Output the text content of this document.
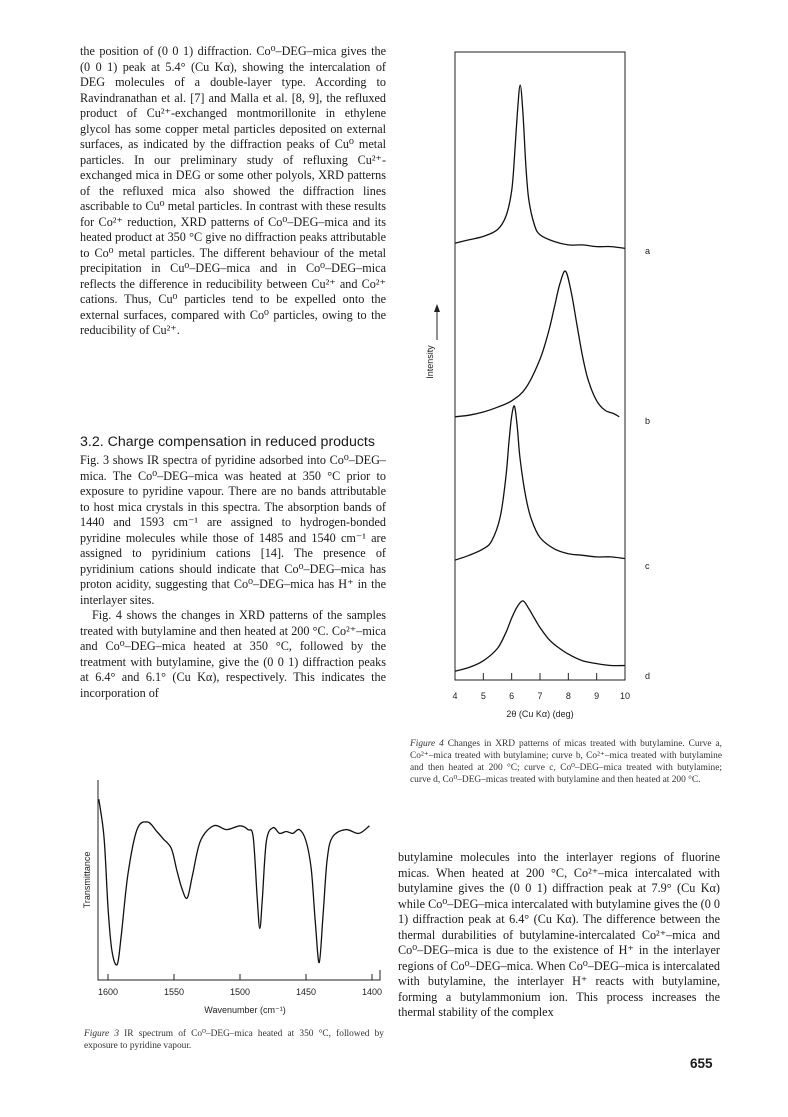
the position of (0 0 1) diffraction. Co⁰–DEG–mica gives the (0 0 1) peak at 5.4° (Cu Kα), showing the intercalation of DEG molecules of a double-layer type. According to Ravindranathan et al. [7] and Malla et al. [8, 9], the refluxed product of Cu²⁺-exchanged montmorillonite in ethylene glycol has some copper metal particles deposited on external surfaces, as indicated by the diffraction peaks of Cu⁰ metal particles. In our preliminary study of refluxing Cu²⁺-exchanged mica in DEG or some other polyols, XRD patterns of the refluxed mica also showed the diffraction lines ascribable to Cu⁰ metal particles. In contrast with these results for Co²⁺ reduction, XRD patterns of Co⁰–DEG–mica and its heated product at 350 °C give no diffraction peaks attributable to Co⁰ metal particles. The different behaviour of the metal precipitation in Cu⁰–DEG–mica and in Co⁰–DEG–mica reflects the difference in reducibility between Cu²⁺ and Co²⁺ cations. Thus, Cu⁰ particles tend to be expelled onto the external surfaces, compared with Co⁰ particles, owing to the reducibility of Cu²⁺.

3.2. Charge compensation in reduced products

Fig. 3 shows IR spectra of pyridine adsorbed into Co⁰–DEG–mica. The Co⁰–DEG–mica was heated at 350 °C prior to exposure to pyridine vapour. There are no bands attributable to host mica crystals in this spectra. The absorption bands of 1440 and 1593 cm⁻¹ are assigned to hydrogen-bonded pyridine molecules while those of 1485 and 1540 cm⁻¹ are assigned to pyridinium cations [14]. The presence of pyridinium cations should indicate that Co⁰–DEG–mica has proton acidity, suggesting that Co⁰–DEG–mica has H⁺ in the interlayer sites.

Fig. 4 shows the changes in XRD patterns of the samples treated with butylamine and then heated at 200 °C. Co²⁺–mica and Co⁰–DEG–mica heated at 350 °C, followed by the treatment with butylamine, give the (0 0 1) diffraction peaks at 6.4° and 6.1° (Cu Kα), respectively. This indicates the incorporation of

a
b
c
d
4	5	6	7	8	9 10
2θ (Cu Kα) (deg)
Intensity
1600	1550	1500	1450	1400
Wavenumber (cm⁻¹)
Transmittance
Figure 3 IR spectrum of Co⁰–DEG–mica heated at 350 °C, followed by exposure to pyridine vapour.
Figure 4 Changes in XRD patterns of micas treated with butylamine. Curve a, Co²⁺–mica treated with butylamine; curve b, Co²⁺–mica treated with butylamine and then heated at 200 °C; curve c, Co⁰–DEG–mica treated with butylamine; curve d, Co⁰–DEG–micas treated with butylamine and then heated at 200 °C.

butylamine molecules into the interlayer regions of fluorine micas. When heated at 200 °C, Co²⁺–mica intercalated with butylamine gives the (0 0 1) diffraction peak at 7.9° (Cu Kα) while Co⁰–DEG–mica intercalated with butylamine gives the (0 0 1) diffraction peak at 6.4° (Cu Kα). The difference between the thermal durabilities of butylamine-intercalated Co²⁺–mica and Co⁰–DEG–mica is due to the existence of H⁺ in the interlayer regions of Co⁰–DEG–mica. When Co⁰–DEG–mica is intercalated with butylamine, the interlayer H⁺ reacts with butylamine, forming a butylammonium ion. This process increases the thermal stability of the complex

655
